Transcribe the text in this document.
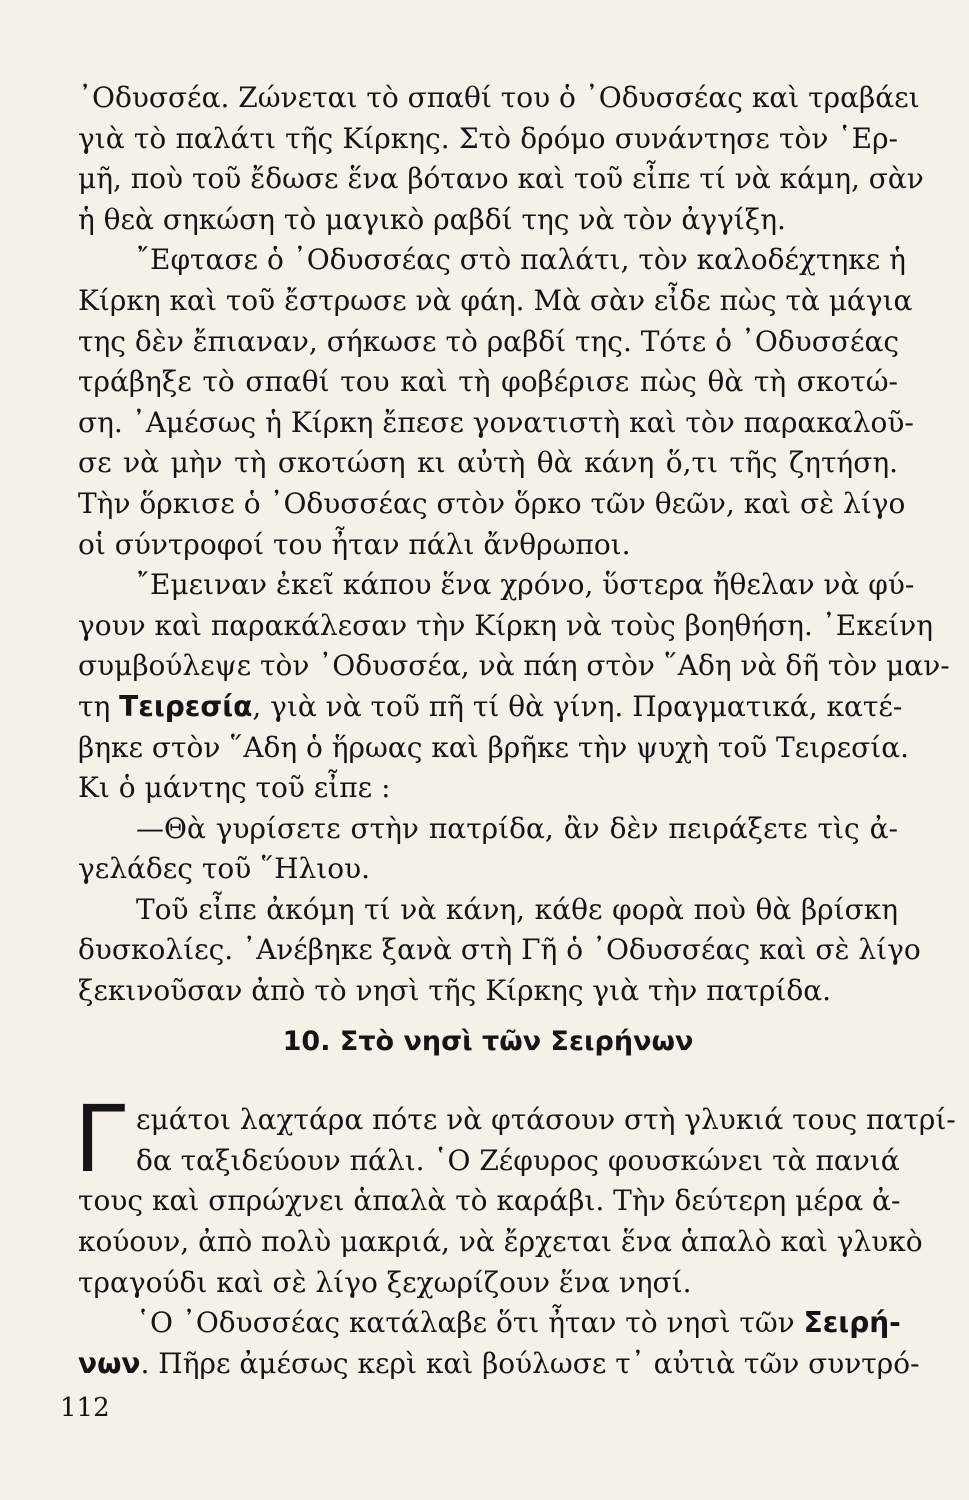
᾿Οδυσσέα. Ζώνεται τὸ σπαθί του ὁ ᾿Οδυσσέας καὶ τραβάει
γιὰ τὸ παλάτι τῆς Κίρκης. Στὸ δρόμο συνάντησε τὸν ῾Ερ-
μῆ, ποὺ τοῦ ἔδωσε ἕνα βότανο καὶ τοῦ εἶπε τί νὰ κάμη, σὰν
ἡ θεὰ σηκώση τὸ μαγικὸ ραβδί της νὰ τὸν ἀγγίξη.
῎Εφτασε ὁ ᾿Οδυσσέας στὸ παλάτι, τὸν καλοδέχτηκε ἡ
Κίρκη καὶ τοῦ ἔστρωσε νὰ φάη. Μὰ σὰν εἶδε πὼς τὰ μάγια
της δὲν ἔπιαναν, σήκωσε τὸ ραβδί της. Τότε ὁ ᾿Οδυσσέας
τράβηξε τὸ σπαθί του καὶ τὴ φοβέρισε πὼς θὰ τὴ σκοτώ-
ση. ᾿Αμέσως ἡ Κίρκη ἔπεσε γονατιστὴ καὶ τὸν παρακαλοῦ-
σε νὰ μὴν τὴ σκοτώση κι αὐτὴ θὰ κάνη ὅ,τι τῆς ζητήση.
Τὴν ὅρκισε ὁ ᾿Οδυσσέας στὸν ὅρκο τῶν θεῶν, καὶ σὲ λίγο
οἱ σύντροφοί του ἦταν πάλι ἄνθρωποι.
῎Εμειναν ἐκεῖ κάπου ἕνα χρόνο, ὕστερα ἤθελαν νὰ φύ-
γουν καὶ παρακάλεσαν τὴν Κίρκη νὰ τοὺς βοηθήση. ᾿Εκείνη
συμβούλεψε τὸν ᾿Οδυσσέα, νὰ πάη στὸν ῞Αδη νὰ δῆ τὸν μαν-
τη Τειρεσία, γιὰ νὰ τοῦ πῆ τί θὰ γίνη. Πραγματικά, κατέ-
βηκε στὸν ῞Αδη ὁ ἥρωας καὶ βρῆκε τὴν ψυχὴ τοῦ Τειρεσία.
Κι ὁ μάντης τοῦ εἶπε :
—Θὰ γυρίσετε στὴν πατρίδα, ἂν δὲν πειράξετε τὶς ἀ-
γελάδες τοῦ ῞Ηλιου.
Τοῦ εἶπε ἀκόμη τί νὰ κάνη, κάθε φορὰ ποὺ θὰ βρίσκη
δυσκολίες. ᾿Ανέβηκε ξανὰ στὴ Γῆ ὁ ᾿Οδυσσέας καὶ σὲ λίγο
ξεκινοῦσαν ἀπὸ τὸ νησὶ τῆς Κίρκης γιὰ τὴν πατρίδα.
10. Στὸ νησὶ τῶν Σειρήνων
Γ εμάτοι λαχτάρα πότε νὰ φτάσουν στὴ γλυκιά τους πατρί-
δα ταξιδεύουν πάλι. ῾Ο Ζέφυρος φουσκώνει τὰ πανιά
τους καὶ σπρώχνει ἁπαλὰ τὸ καράβι. Τὴν δεύτερη μέρα ἀ-
κούουν, ἀπὸ πολὺ μακριά, νὰ ἔρχεται ἕνα ἁπαλὸ καὶ γλυκὸ
τραγούδι καὶ σὲ λίγο ξεχωρίζουν ἕνα νησί.
῾Ο ᾿Οδυσσέας κατάλαβε ὅτι ἦταν τὸ νησὶ τῶν Σειρή-
νων. Πῆρε ἀμέσως κερὶ καὶ βούλωσε τ᾿ αὐτιὰ τῶν συντρό-
112
